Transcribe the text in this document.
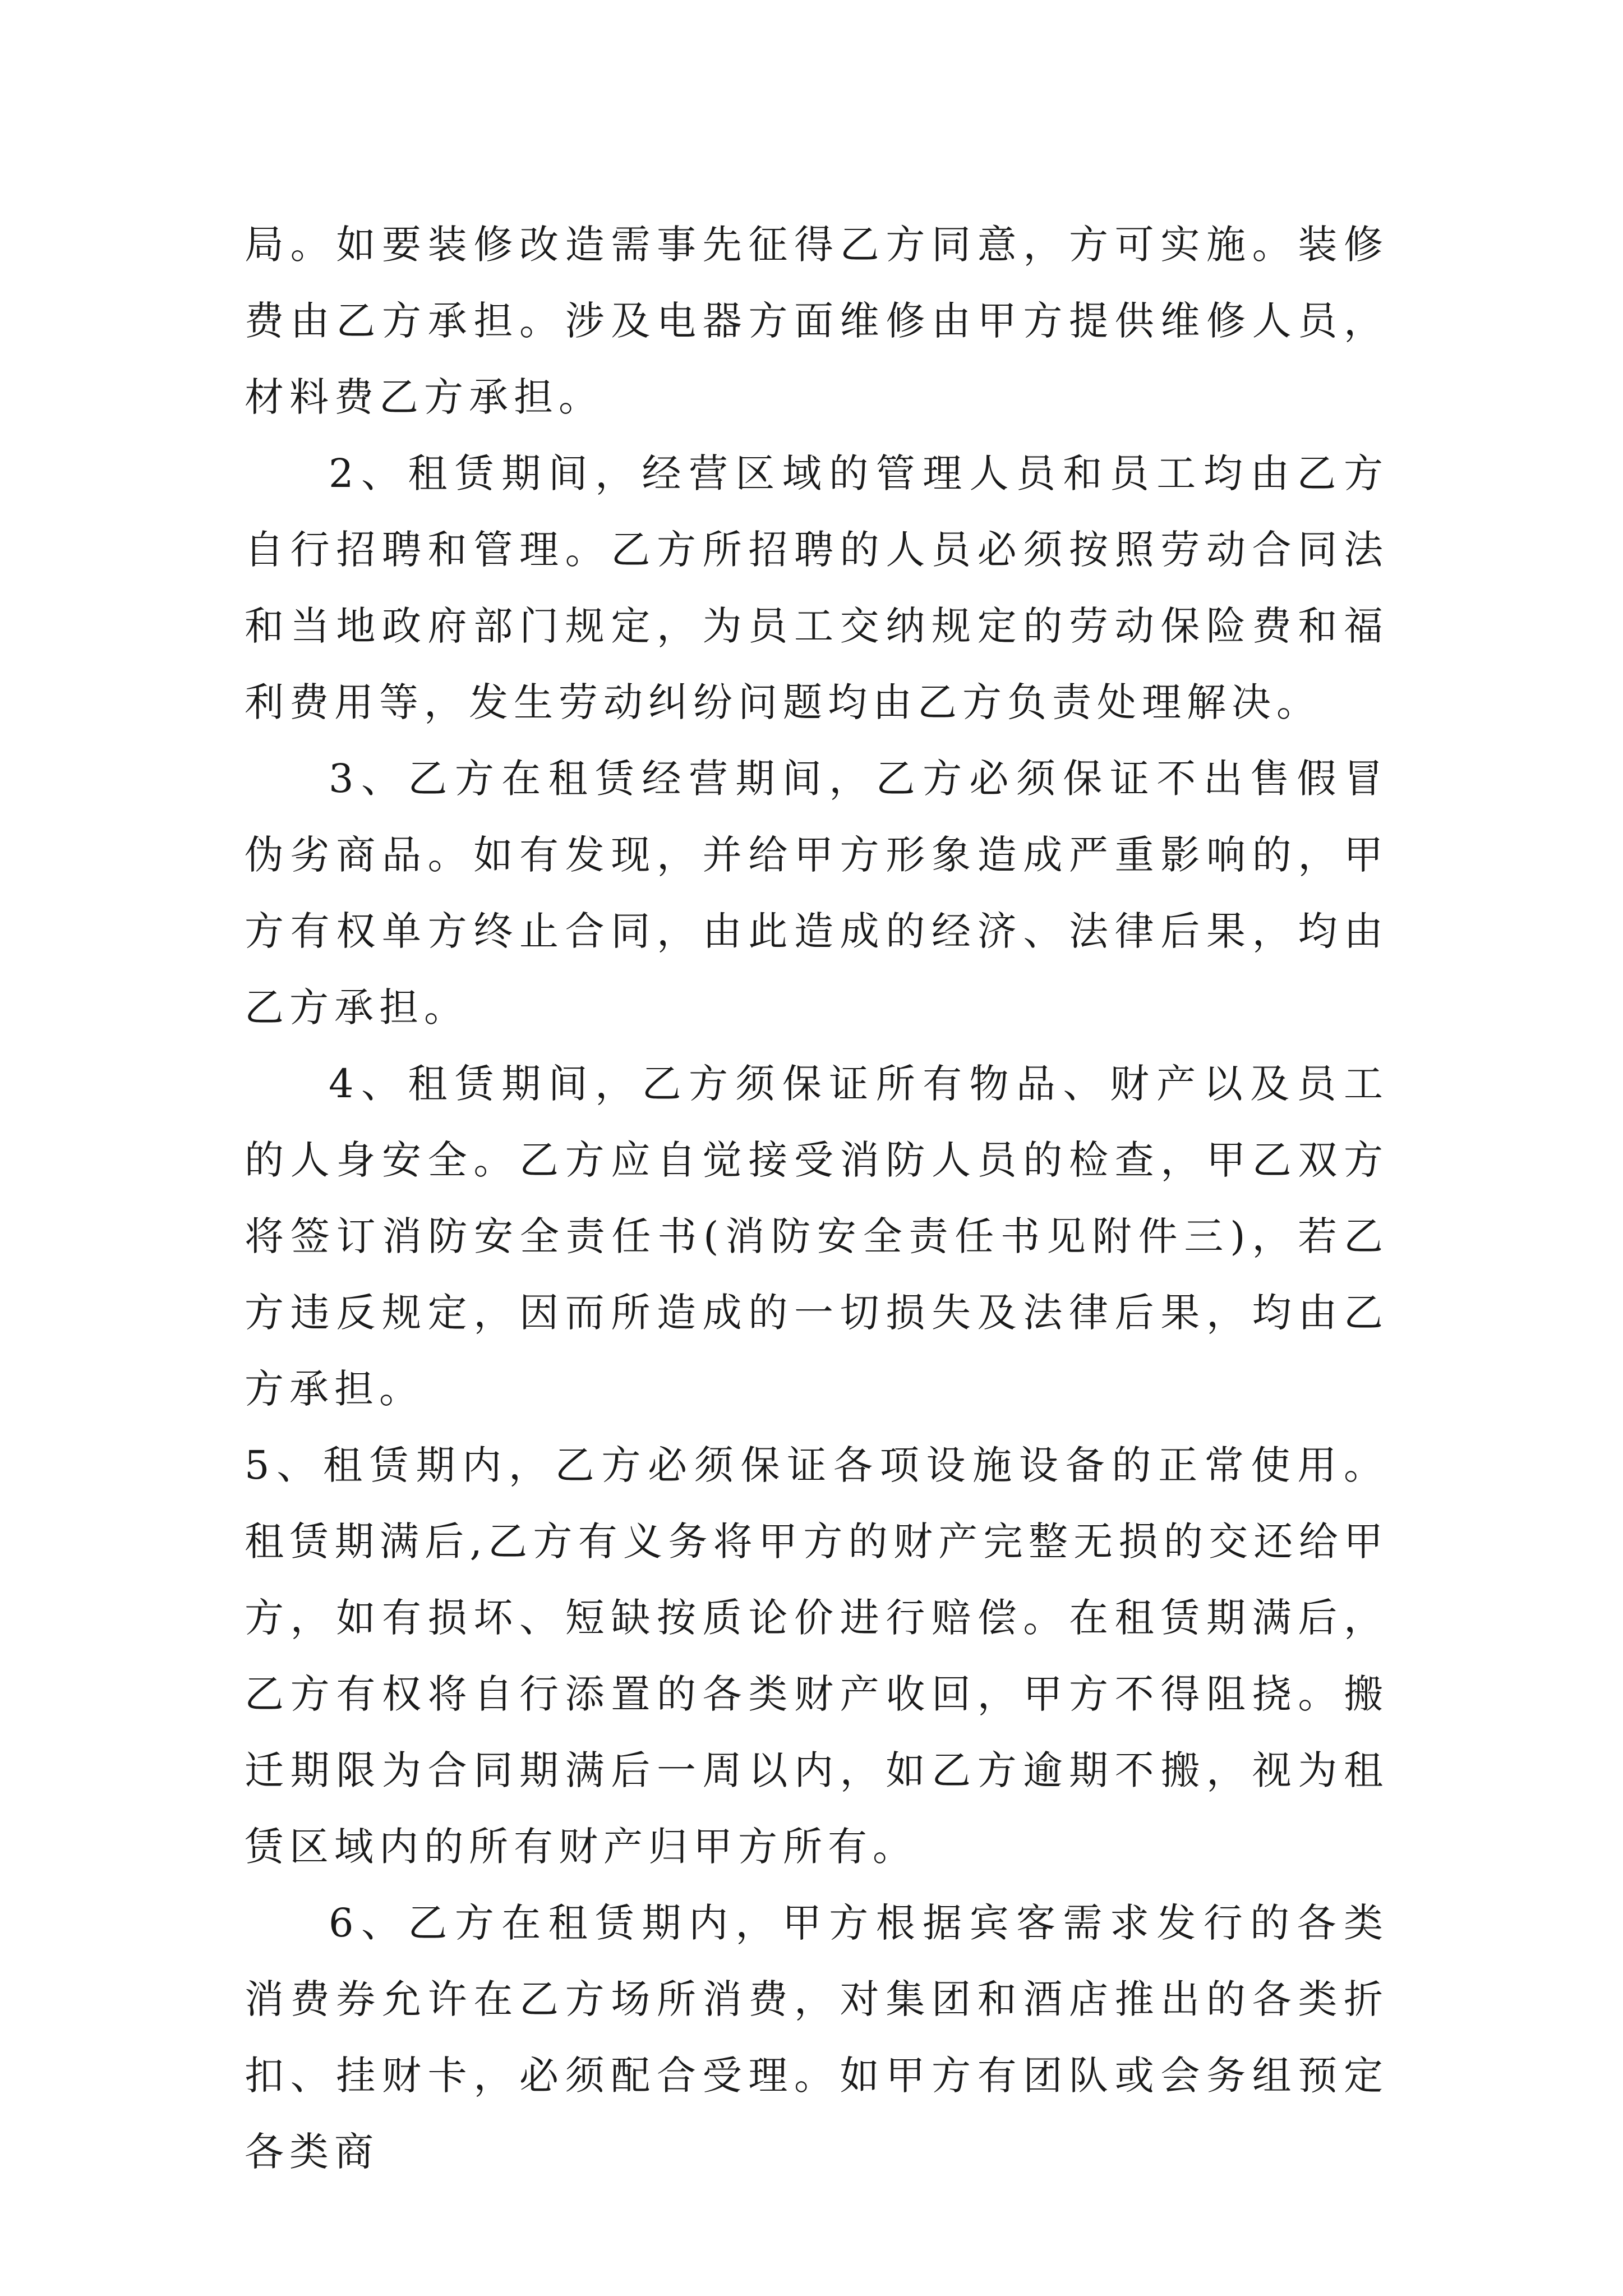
局。如要装修改造需事先征得乙方同意，方可实施。装修费由乙方承担。涉及电器方面维修由甲方提供维修人员，材料费乙方承担。

2、租赁期间，经营区域的管理人员和员工均由乙方自行招聘和管理。乙方所招聘的人员必须按照劳动合同法和当地政府部门规定，为员工交纳规定的劳动保险费和福利费用等，发生劳动纠纷问题均由乙方负责处理解决。

3、乙方在租赁经营期间，乙方必须保证不出售假冒伪劣商品。如有发现，并给甲方形象造成严重影响的，甲方有权单方终止合同，由此造成的经济、法律后果，均由乙方承担。

4、租赁期间，乙方须保证所有物品、财产以及员工的人身安全。乙方应自觉接受消防人员的检查，甲乙双方将签订消防安全责任书(消防安全责任书见附件三)，若乙方违反规定，因而所造成的一切损失及法律后果，均由乙方承担。

5、租赁期内，乙方必须保证各项设施设备的正常使用。租赁期满后,乙方有义务将甲方的财产完整无损的交还给甲方，如有损坏、短缺按质论价进行赔偿。在租赁期满后，乙方有权将自行添置的各类财产收回，甲方不得阻挠。搬迁期限为合同期满后一周以内，如乙方逾期不搬，视为租赁区域内的所有财产归甲方所有。

6、乙方在租赁期内，甲方根据宾客需求发行的各类消费券允许在乙方场所消费，对集团和酒店推出的各类折扣、挂财卡，必须配合受理。如甲方有团队或会务组预定各类商
